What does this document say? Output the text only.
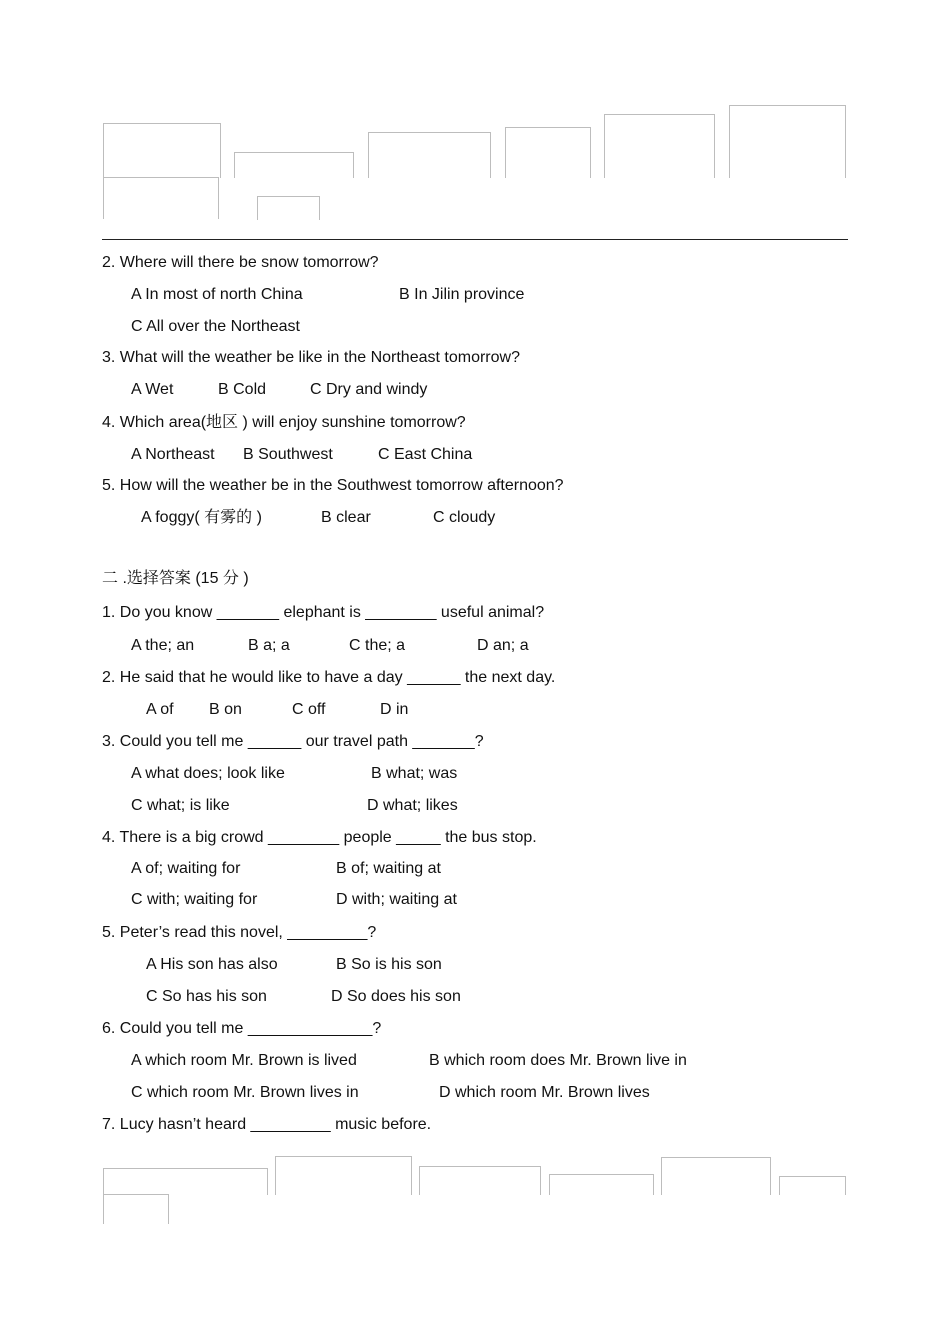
2. Where will there be snow tomorrow?
A In most of north China	B In Jilin province
C All over the Northeast
3. What will the weather be like in the Northeast tomorrow?
A Wet	B Cold	C Dry and windy
4. Which area(地区 ) will enjoy sunshine tomorrow?
A Northeast B Southwest	C East China
5. How will the weather be in the Southwest tomorrow afternoon?
A foggy( 有雾的 )	B clear	C cloudy
二 .选择答案 (15 分 )
1. Do you know _______ elephant is ________ useful animal?
A the; an	B a; a	C the; a	D an; a
2. He said that he would like to have a day ______ the next day.
A of B on	C off	D in
3. Could you tell me ______ our travel path _______?
A what does; look like	B what; was
C what; is like	D what; likes
4. There is a big crowd ________ people _____ the bus stop.
A of; waiting for	B of; waiting at
C with; waiting for	D with; waiting at
5. Peter’s read this novel, _________?
A His son has also	B So is his son
C So has his son	D So does his son
6. Could you tell me ______________?
A which room Mr. Brown is lived	B which room does Mr. Brown live in
C which room Mr. Brown lives in	D which room Mr. Brown lives
7. Lucy hasn’t heard _________ music before.
